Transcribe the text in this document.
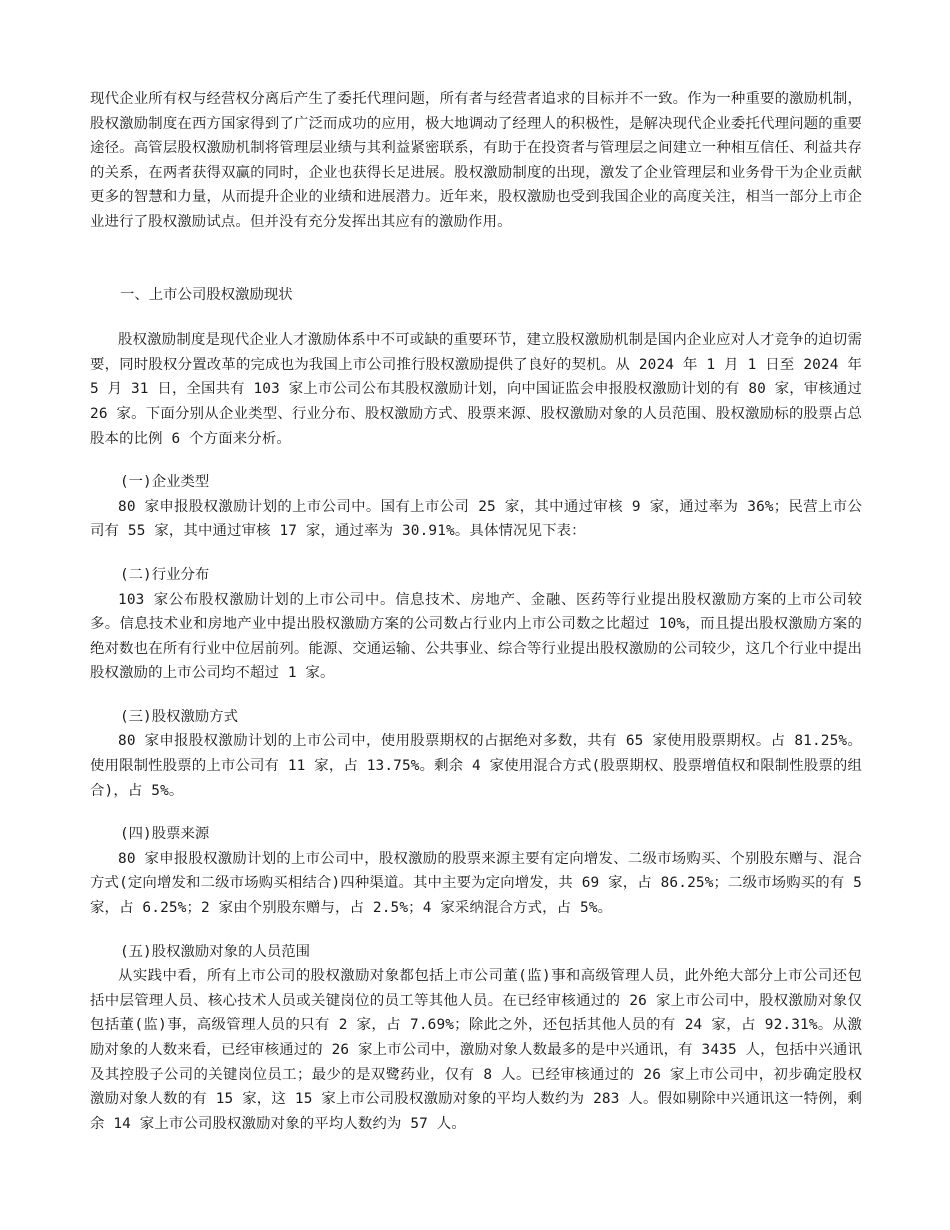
现代企业所有权与经营权分离后产生了委托代理问题，所有者与经营者追求的目标并不一致。作为一种重要的激励机制，股权激励制度在西方国家得到了广泛而成功的应用，极大地调动了经理人的积极性，是解决现代企业委托代理问题的重要途径。高管层股权激励机制将管理层业绩与其利益紧密联系，有助于在投资者与管理层之间建立一种相互信任、利益共存的关系，在两者获得双赢的同时，企业也获得长足进展。股权激励制度的出现，激发了企业管理层和业务骨干为企业贡献更多的智慧和力量，从而提升企业的业绩和进展潜力。近年来，股权激励也受到我国企业的高度关注，相当一部分上市企业进行了股权激励试点。但并没有充分发挥出其应有的激励作用。

一、上市公司股权激励现状

股权激励制度是现代企业人才激励体系中不可或缺的重要环节，建立股权激励机制是国内企业应对人才竞争的迫切需要，同时股权分置改革的完成也为我国上市公司推行股权激励提供了良好的契机。从 2024 年 1 月 1 日至 2024 年 5 月 31 日，全国共有 103 家上市公司公布其股权激励计划，向中国证监会申报股权激励计划的有 80 家，审核通过 26 家。下面分别从企业类型、行业分布、股权激励方式、股票来源、股权激励对象的人员范围、股权激励标的股票占总股本的比例 6 个方面来分析。

(一)企业类型

80 家申报股权激励计划的上市公司中。国有上市公司 25 家，其中通过审核 9 家，通过率为 36%；民营上市公司有 55 家，其中通过审核 17 家，通过率为 30.91%。具体情况见下表：

(二)行业分布

103 家公布股权激励计划的上市公司中。信息技术、房地产、金融、医药等行业提出股权激励方案的上市公司较多。信息技术业和房地产业中提出股权激励方案的公司数占行业内上市公司数之比超过 10%，而且提出股权激励方案的绝对数也在所有行业中位居前列。能源、交通运输、公共事业、综合等行业提出股权激励的公司较少，这几个行业中提出股权激励的上市公司均不超过 1 家。

(三)股权激励方式

80 家申报股权激励计划的上市公司中，使用股票期权的占据绝对多数，共有 65 家使用股票期权。占 81.25%。使用限制性股票的上市公司有 11 家，占 13.75%。剩余 4 家使用混合方式(股票期权、股票增值权和限制性股票的组合)，占 5%。

(四)股票来源

80 家申报股权激励计划的上市公司中，股权激励的股票来源主要有定向增发、二级市场购买、个别股东赠与、混合方式(定向增发和二级市场购买相结合)四种渠道。其中主要为定向增发，共 69 家，占 86.25%；二级市场购买的有 5 家，占 6.25%；2 家由个别股东赠与，占 2.5%；4 家采纳混合方式，占 5%。

(五)股权激励对象的人员范围

从实践中看，所有上市公司的股权激励对象都包括上市公司董(监)事和高级管理人员，此外绝大部分上市公司还包括中层管理人员、核心技术人员或关键岗位的员工等其他人员。在已经审核通过的 26 家上市公司中，股权激励对象仅包括董(监)事，高级管理人员的只有 2 家，占 7.69%；除此之外，还包括其他人员的有 24 家，占 92.31%。从激励对象的人数来看，已经审核通过的 26 家上市公司中，激励对象人数最多的是中兴通讯，有 3435 人，包括中兴通讯及其控股子公司的关键岗位员工；最少的是双鹭药业，仅有 8 人。已经审核通过的 26 家上市公司中，初步确定股权激励对象人数的有 15 家，这 15 家上市公司股权激励对象的平均人数约为 283 人。假如剔除中兴通讯这一特例，剩余 14 家上市公司股权激励对象的平均人数约为 57 人。
